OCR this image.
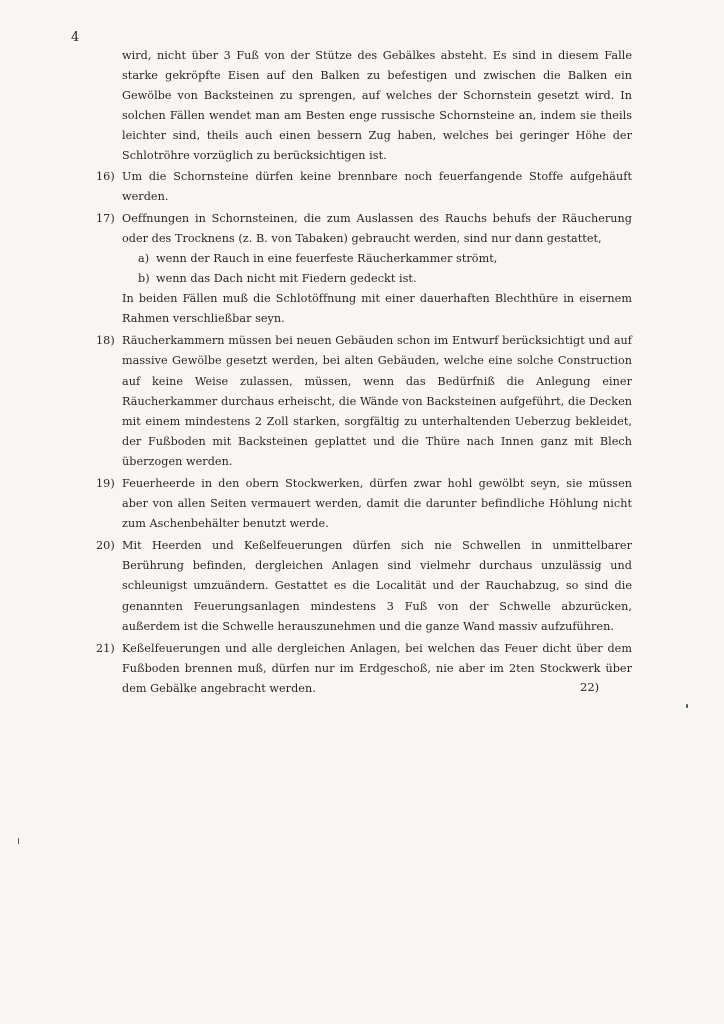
4

wird, nicht über 3 Fuß von der Stütze des Gebälkes absteht. Es sind in diesem Falle starke gekröpfte Eisen auf den Balken zu befestigen und zwischen die Balken ein Gewölbe von Backsteinen zu sprengen, auf welches der Schornstein gesetzt wird. In solchen Fällen wendet man am Besten enge russische Schornsteine an, indem sie theils leichter sind, theils auch einen bessern Zug haben, welches bei geringer Höhe der Schlotröhre vorzüglich zu berücksichtigen ist.

16) Um die Schornsteine dürfen keine brennbare noch feuerfangende Stoffe aufgehäuft werden.
17) Oeffnungen in Schornsteinen, die zum Auslassen des Rauchs behufs der Räucherung oder des Trocknens (z. B. von Tabaken) gebraucht werden, sind nur dann gestattet,
a) wenn der Rauch in eine feuerfeste Räucherkammer strömt,
b) wenn das Dach nicht mit Fiedern gedeckt ist.

In beiden Fällen muß die Schlotöffnung mit einer dauerhaften Blechthüre in eisernem Rahmen verschließbar seyn.

18) Räucherkammern müssen bei neuen Gebäuden schon im Entwurf berücksichtigt und auf massive Gewölbe gesetzt werden, bei alten Gebäuden, welche eine solche Construction auf keine Weise zulassen, müssen, wenn das Bedürfniß die Anlegung einer Räucherkammer durchaus erheischt, die Wände von Backsteinen aufgeführt, die Decken mit einem mindestens 2 Zoll starken, sorgfältig zu unterhaltenden Ueberzug bekleidet, der Fußboden mit Backsteinen geplattet und die Thüre nach Innen ganz mit Blech überzogen werden.
19) Feuerheerde in den obern Stockwerken, dürfen zwar hohl gewölbt seyn, sie müssen aber von allen Seiten vermauert werden, damit die darunter befindliche Höhlung nicht zum Aschenbehälter benutzt werde.
20) Mit Heerden und Keßelfeuerungen dürfen sich nie Schwellen in unmittelbarer Berührung befinden, dergleichen Anlagen sind vielmehr durchaus unzulässig und schleunigst umzuändern. Gestattet es die Localität und der Rauchabzug, so sind die genannten Feuerungsanlagen mindestens 3 Fuß von der Schwelle abzurücken, außerdem ist die Schwelle herauszunehmen und die ganze Wand massiv aufzuführen.
21) Keßelfeuerungen und alle dergleichen Anlagen, bei welchen das Feuer dicht über dem Fußboden brennen muß, dürfen nur im Erdgeschoß, nie aber im 2ten Stockwerk über dem Gebälke angebracht werden.	22)
